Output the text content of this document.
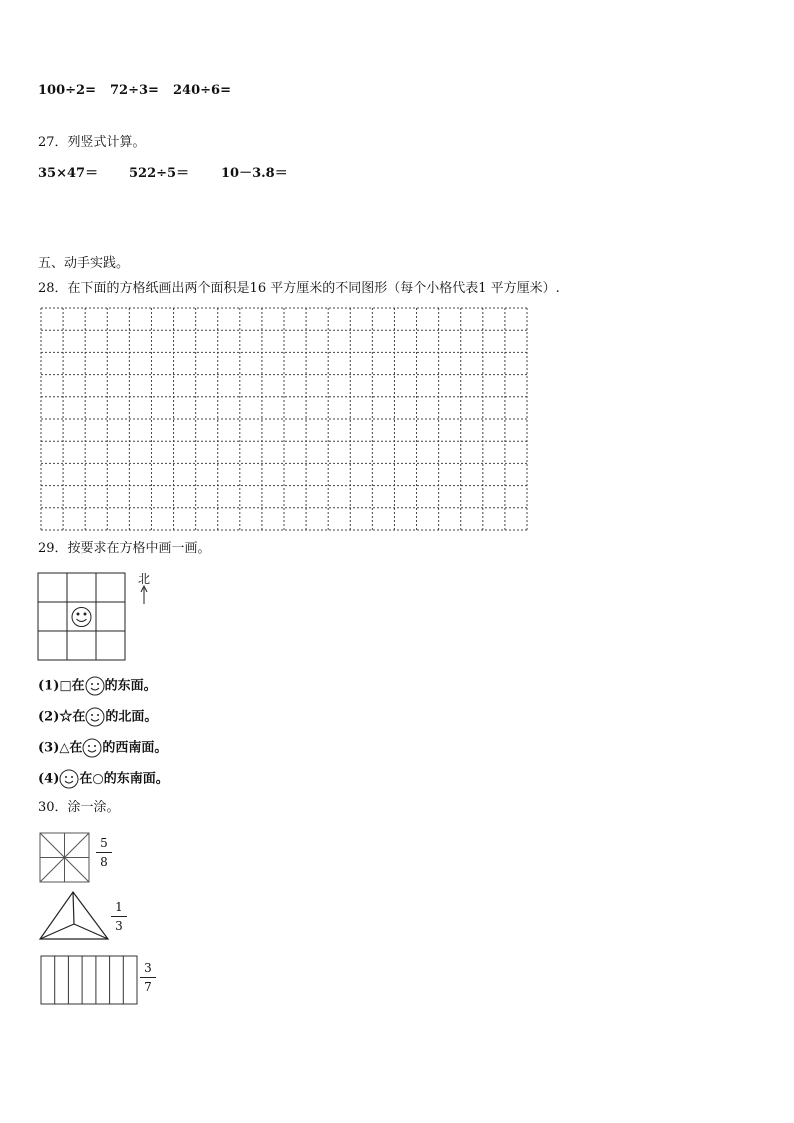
100÷2= 72÷3= 240÷6=
27．列竖式计算。
35×47＝ 522÷5＝ 10－3.8＝
五、动手实践。
28．在下面的方格纸画出两个面积是16 平方厘米的不同图形（每个小格代表1 平方厘米）.
29．按要求在方格中画一画。
北
(1)□在 的东面。
(2)☆在 的北面。
(3)△在 的西南面。
(4) 在○的东南面。
30．涂一涂。
5
8
1
3
3
7
